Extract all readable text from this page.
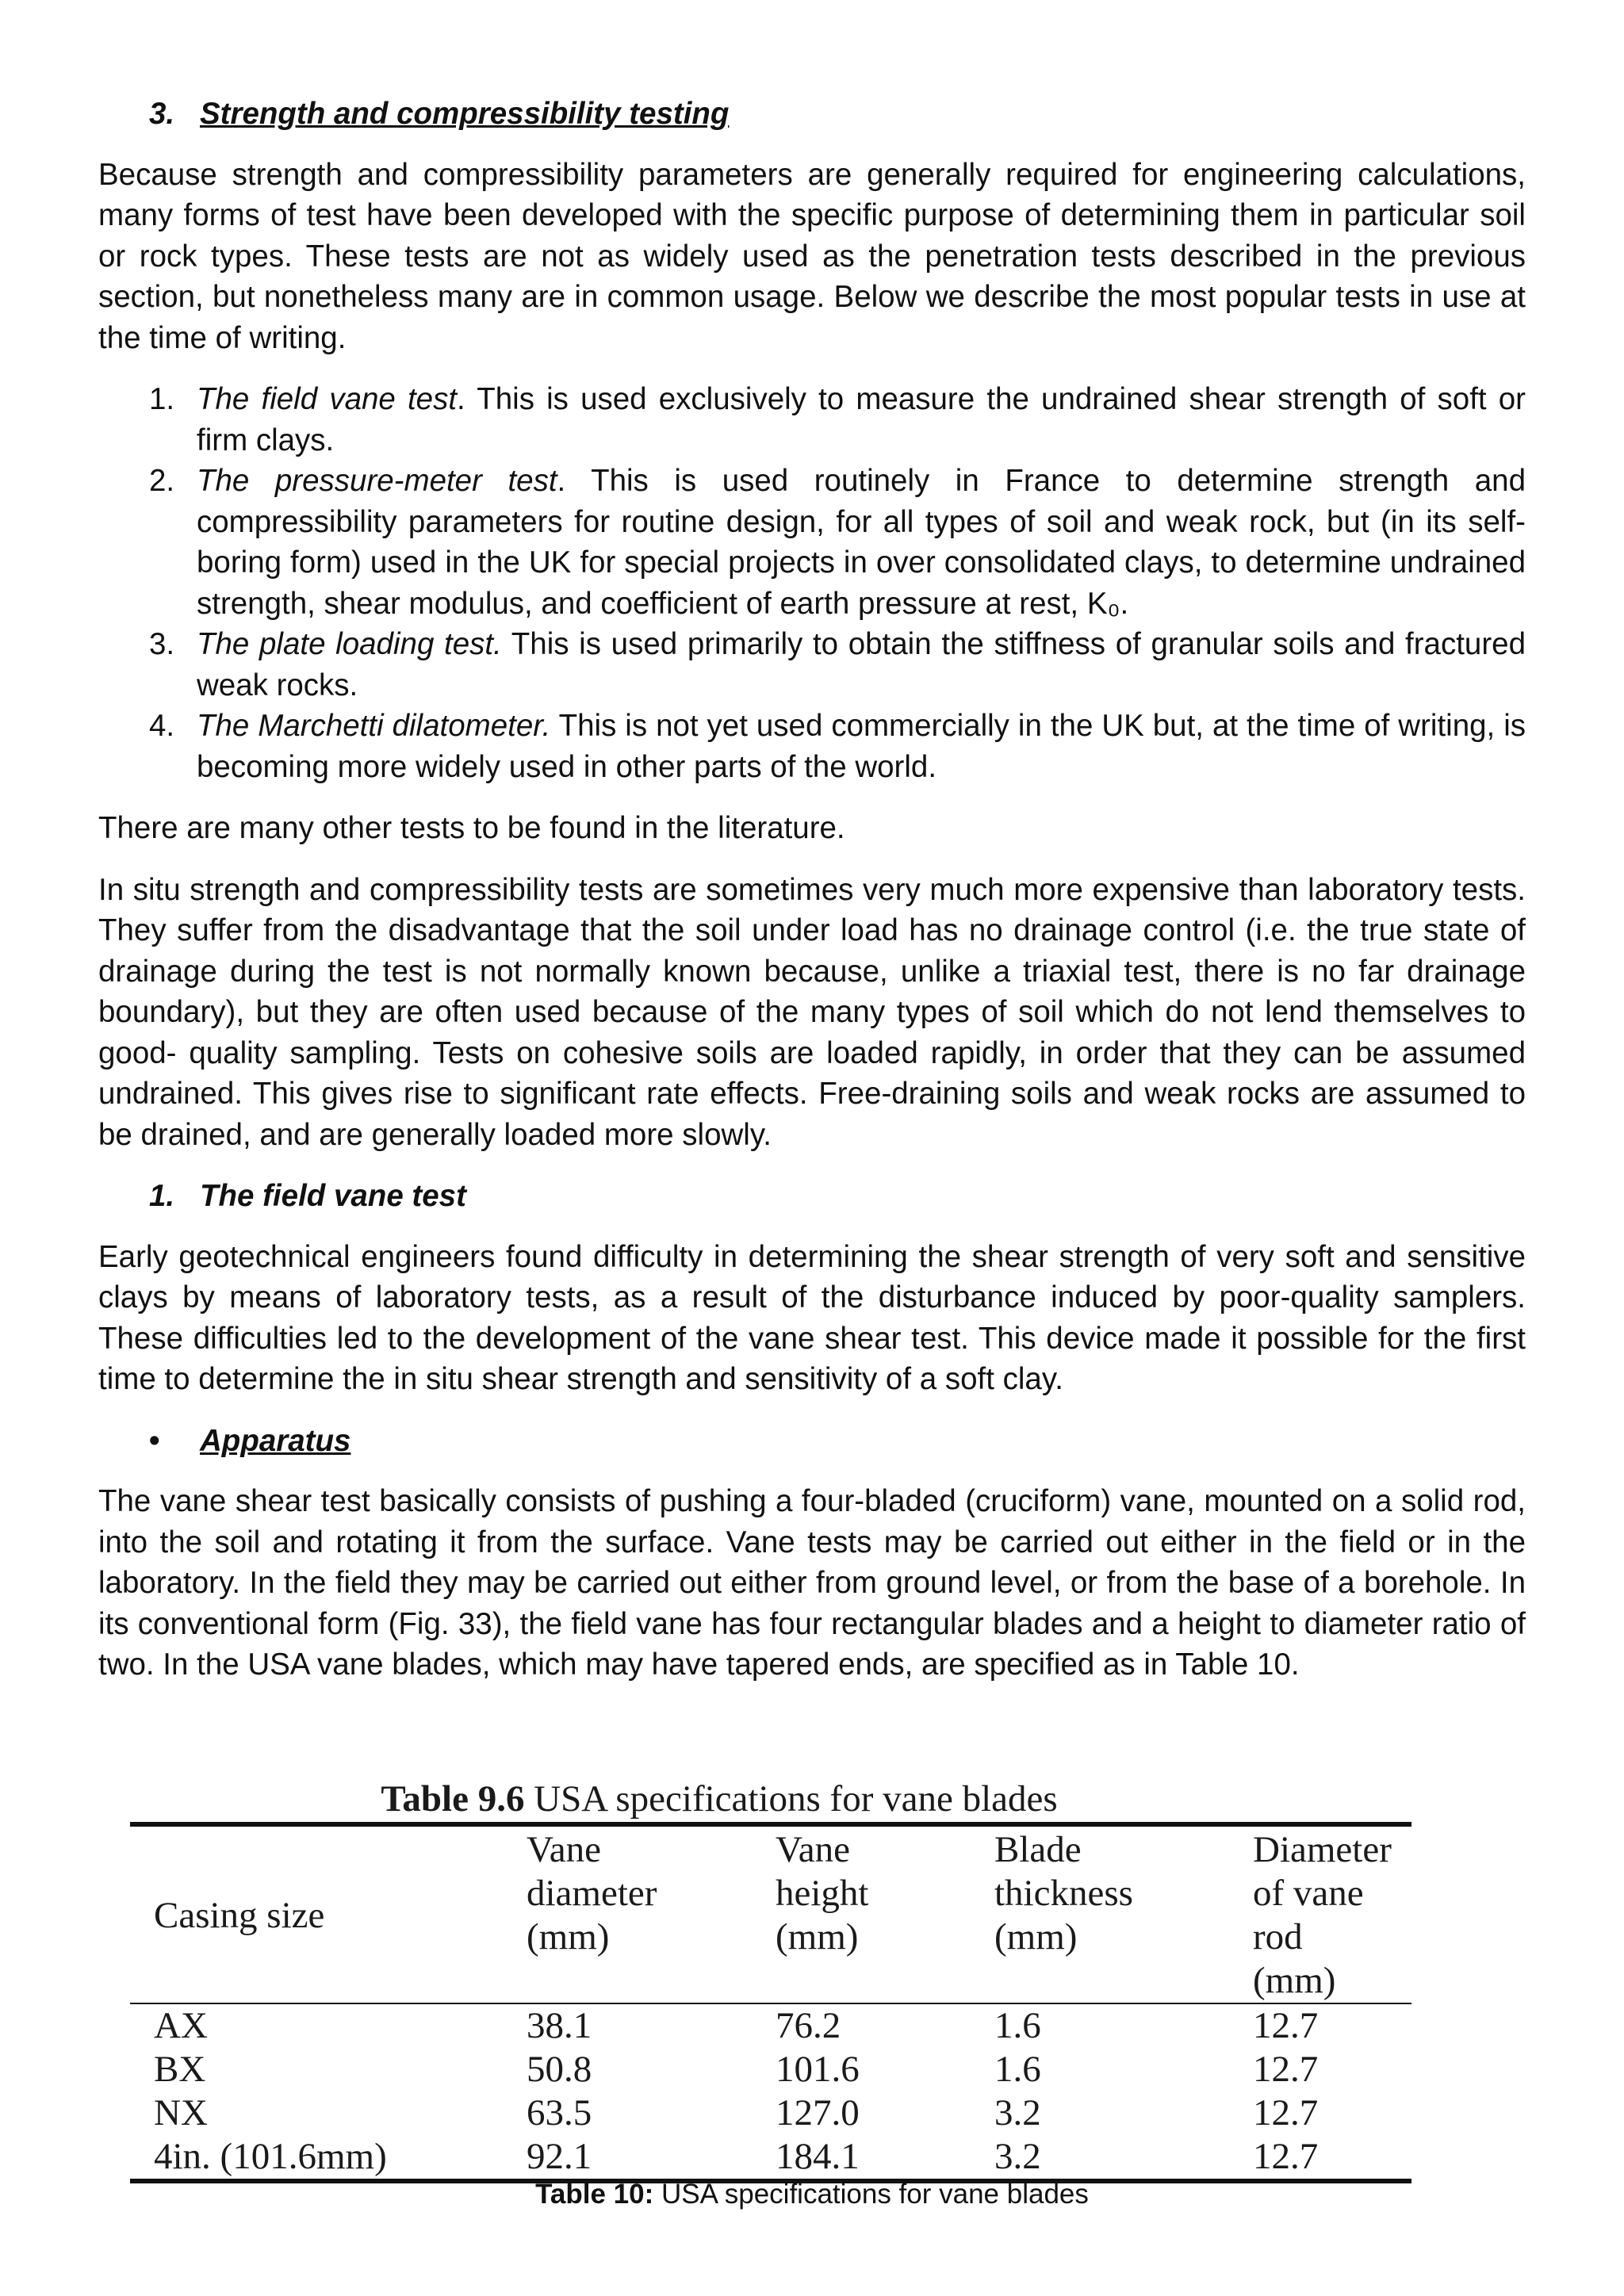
3. Strength and compressibility testing

Because strength and compressibility parameters are generally required for engineering calculations, many forms of test have been developed with the specific purpose of determining them in particular soil or rock types. These tests are not as widely used as the penetration tests described in the previous section, but nonetheless many are in common usage. Below we describe the most popular tests in use at the time of writing.

1. The field vane test. This is used exclusively to measure the undrained shear strength of soft or firm clays.
2. The pressure-meter test. This is used routinely in France to determine strength and compressibility parameters for routine design, for all types of soil and weak rock, but (in its self-boring form) used in the UK for special projects in over consolidated clays, to determine undrained strength, shear modulus, and coefficient of earth pressure at rest, K₀.
3. The plate loading test. This is used primarily to obtain the stiffness of granular soils and fractured weak rocks.
4. The Marchetti dilatometer. This is not yet used commercially in the UK but, at the time of writing, is becoming more widely used in other parts of the world.

There are many other tests to be found in the literature.

In situ strength and compressibility tests are sometimes very much more expensive than laboratory tests. They suffer from the disadvantage that the soil under load has no drainage control (i.e. the true state of drainage during the test is not normally known because, unlike a triaxial test, there is no far drainage boundary), but they are often used because of the many types of soil which do not lend themselves to good- quality sampling. Tests on cohesive soils are loaded rapidly, in order that they can be assumed undrained. This gives rise to significant rate effects. Free-draining soils and weak rocks are assumed to be drained, and are generally loaded more slowly.

1. The field vane test

Early geotechnical engineers found difficulty in determining the shear strength of very soft and sensitive clays by means of laboratory tests, as a result of the disturbance induced by poor-quality samplers. These difficulties led to the development of the vane shear test. This device made it possible for the first time to determine the in situ shear strength and sensitivity of a soft clay.

• Apparatus

The vane shear test basically consists of pushing a four-bladed (cruciform) vane, mounted on a solid rod, into the soil and rotating it from the surface. Vane tests may be carried out either in the field or in the laboratory. In the field they may be carried out either from ground level, or from the base of a borehole. In its conventional form (Fig. 33), the field vane has four rectangular blades and a height to diameter ratio of two. In the USA vane blades, which may have tapered ends, are specified as in Table 10.

Table 9.6 USA specifications for vane blades
Casing size	Vane
diameter
(mm)	Vane
height
(mm)	Blade
thickness
(mm)	Diameter
of vane rod
(mm)
AX	38.1	76.2	1.6	12.7
BX	50.8	101.6	1.6	12.7
NX	63.5	127.0	3.2	12.7
4in. (101.6mm)	92.1	184.1	3.2	12.7
Table 10: USA specifications for vane blades
